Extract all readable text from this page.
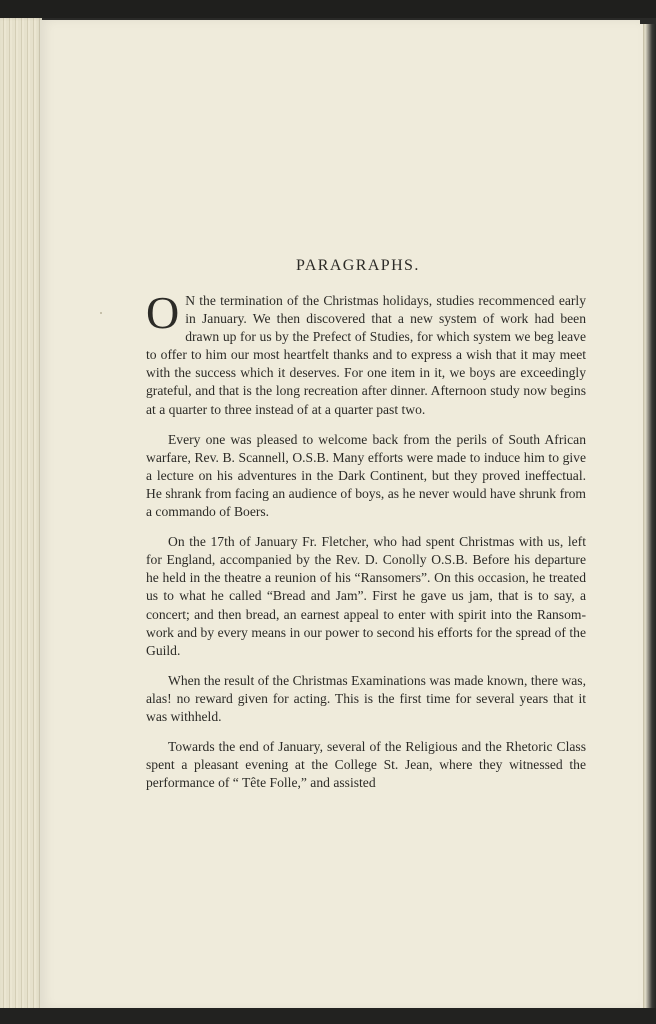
PARAGRAPHS.

O N the termination of the Christmas holidays, studies recommenced early in January. We then discovered that a new system of work had been drawn up for us by the Prefect of Studies, for which system we beg leave to offer to him our most heartfelt thanks and to express a wish that it may meet with the success which it deserves. For one item in it, we boys are exceedingly grateful, and that is the long recreation after dinner. Afternoon study now begins at a quarter to three instead of at a quarter past two.

Every one was pleased to welcome back from the perils of South African warfare, Rev. B. Scannell, O.S.B. Many efforts were made to induce him to give a lecture on his adventures in the Dark Continent, but they proved ineffectual. He shrank from facing an audience of boys, as he never would have shrunk from a commando of Boers.

On the 17th of January Fr. Fletcher, who had spent Christmas with us, left for England, accompanied by the Rev. D. Conolly O.S.B. Before his departure he held in the theatre a reunion of his “Ransomers”. On this occasion, he treated us to what he called “Bread and Jam”. First he gave us jam, that is to say, a concert; and then bread, an earnest appeal to enter with spirit into the Ransom-work and by every means in our power to second his efforts for the spread of the Guild.

When the result of the Christmas Examinations was made known, there was, alas! no reward given for acting. This is the first time for several years that it was withheld.

Towards the end of January, several of the Religious and the Rhetoric Class spent a pleasant evening at the College St. Jean, where they witnessed the performance of “ Tête Folle,” and assisted
